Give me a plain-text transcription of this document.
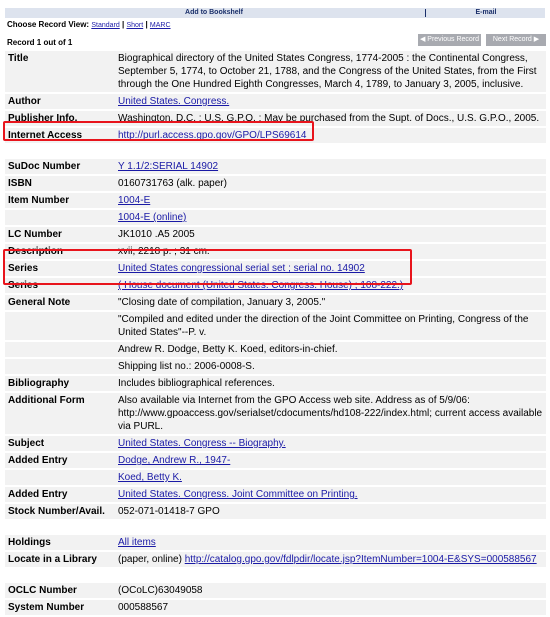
Add to Bookshelf	E-mail
Choose Record View: Standard | Short | MARC
Record 1 out of 1	◀ Previous Record	Next Record ▶
Title	Biographical directory of the United States Congress, 1774-2005 : the Continental Congress, September 5, 1774, to October 21, 1788, and the Congress of the United States, from the First through the One Hundred Eighth Congresses, March 4, 1789, to January 3, 2005, inclusive.
Author	United States. Congress.
Publisher Info.	Washington, D.C. : U.S. G.P.O. : May be purchased from the Supt. of Docs., U.S. G.P.O., 2005.
Internet Access	http://purl.access.gpo.gov/GPO/LPS69614

SuDoc Number	Y 1.1/2:SERIAL 14902
ISBN	0160731763 (alk. paper)
Item Number	1004-E
	1004-E (online)
LC Number	JK1010 .A5 2005
Description	xvii, 2218 p. ; 31 cm.
Series	United States congressional serial set ; serial no. 14902
Series	( House document (United States. Congress. House) ; 108-222.)
General Note	"Closing date of compilation, January 3, 2005."
	"Compiled and edited under the direction of the Joint Committee on Printing, Congress of the United States"--P. v.
	Andrew R. Dodge, Betty K. Koed, editors-in-chief.
	Shipping list no.: 2006-0008-S.
Bibliography	Includes bibliographical references.
Additional Form	Also available via Internet from the GPO Access web site. Address as of 5/9/06: http://www.gpoaccess.gov/serialset/cdocuments/hd108-222/index.html; current access available via PURL.
Subject	United States. Congress -- Biography.
Added Entry	Dodge, Andrew R., 1947-
	Koed, Betty K.
Added Entry	United States. Congress. Joint Committee on Printing.
Stock Number/Avail.	052-071-01418-7 GPO

Holdings	All items
Locate in a Library	(paper, online) http://catalog.gpo.gov/fdlpdir/locate.jsp?ItemNumber=1004-E&SYS=000588567

OCLC Number	(OCoLC)63049058
System Number	000588567
